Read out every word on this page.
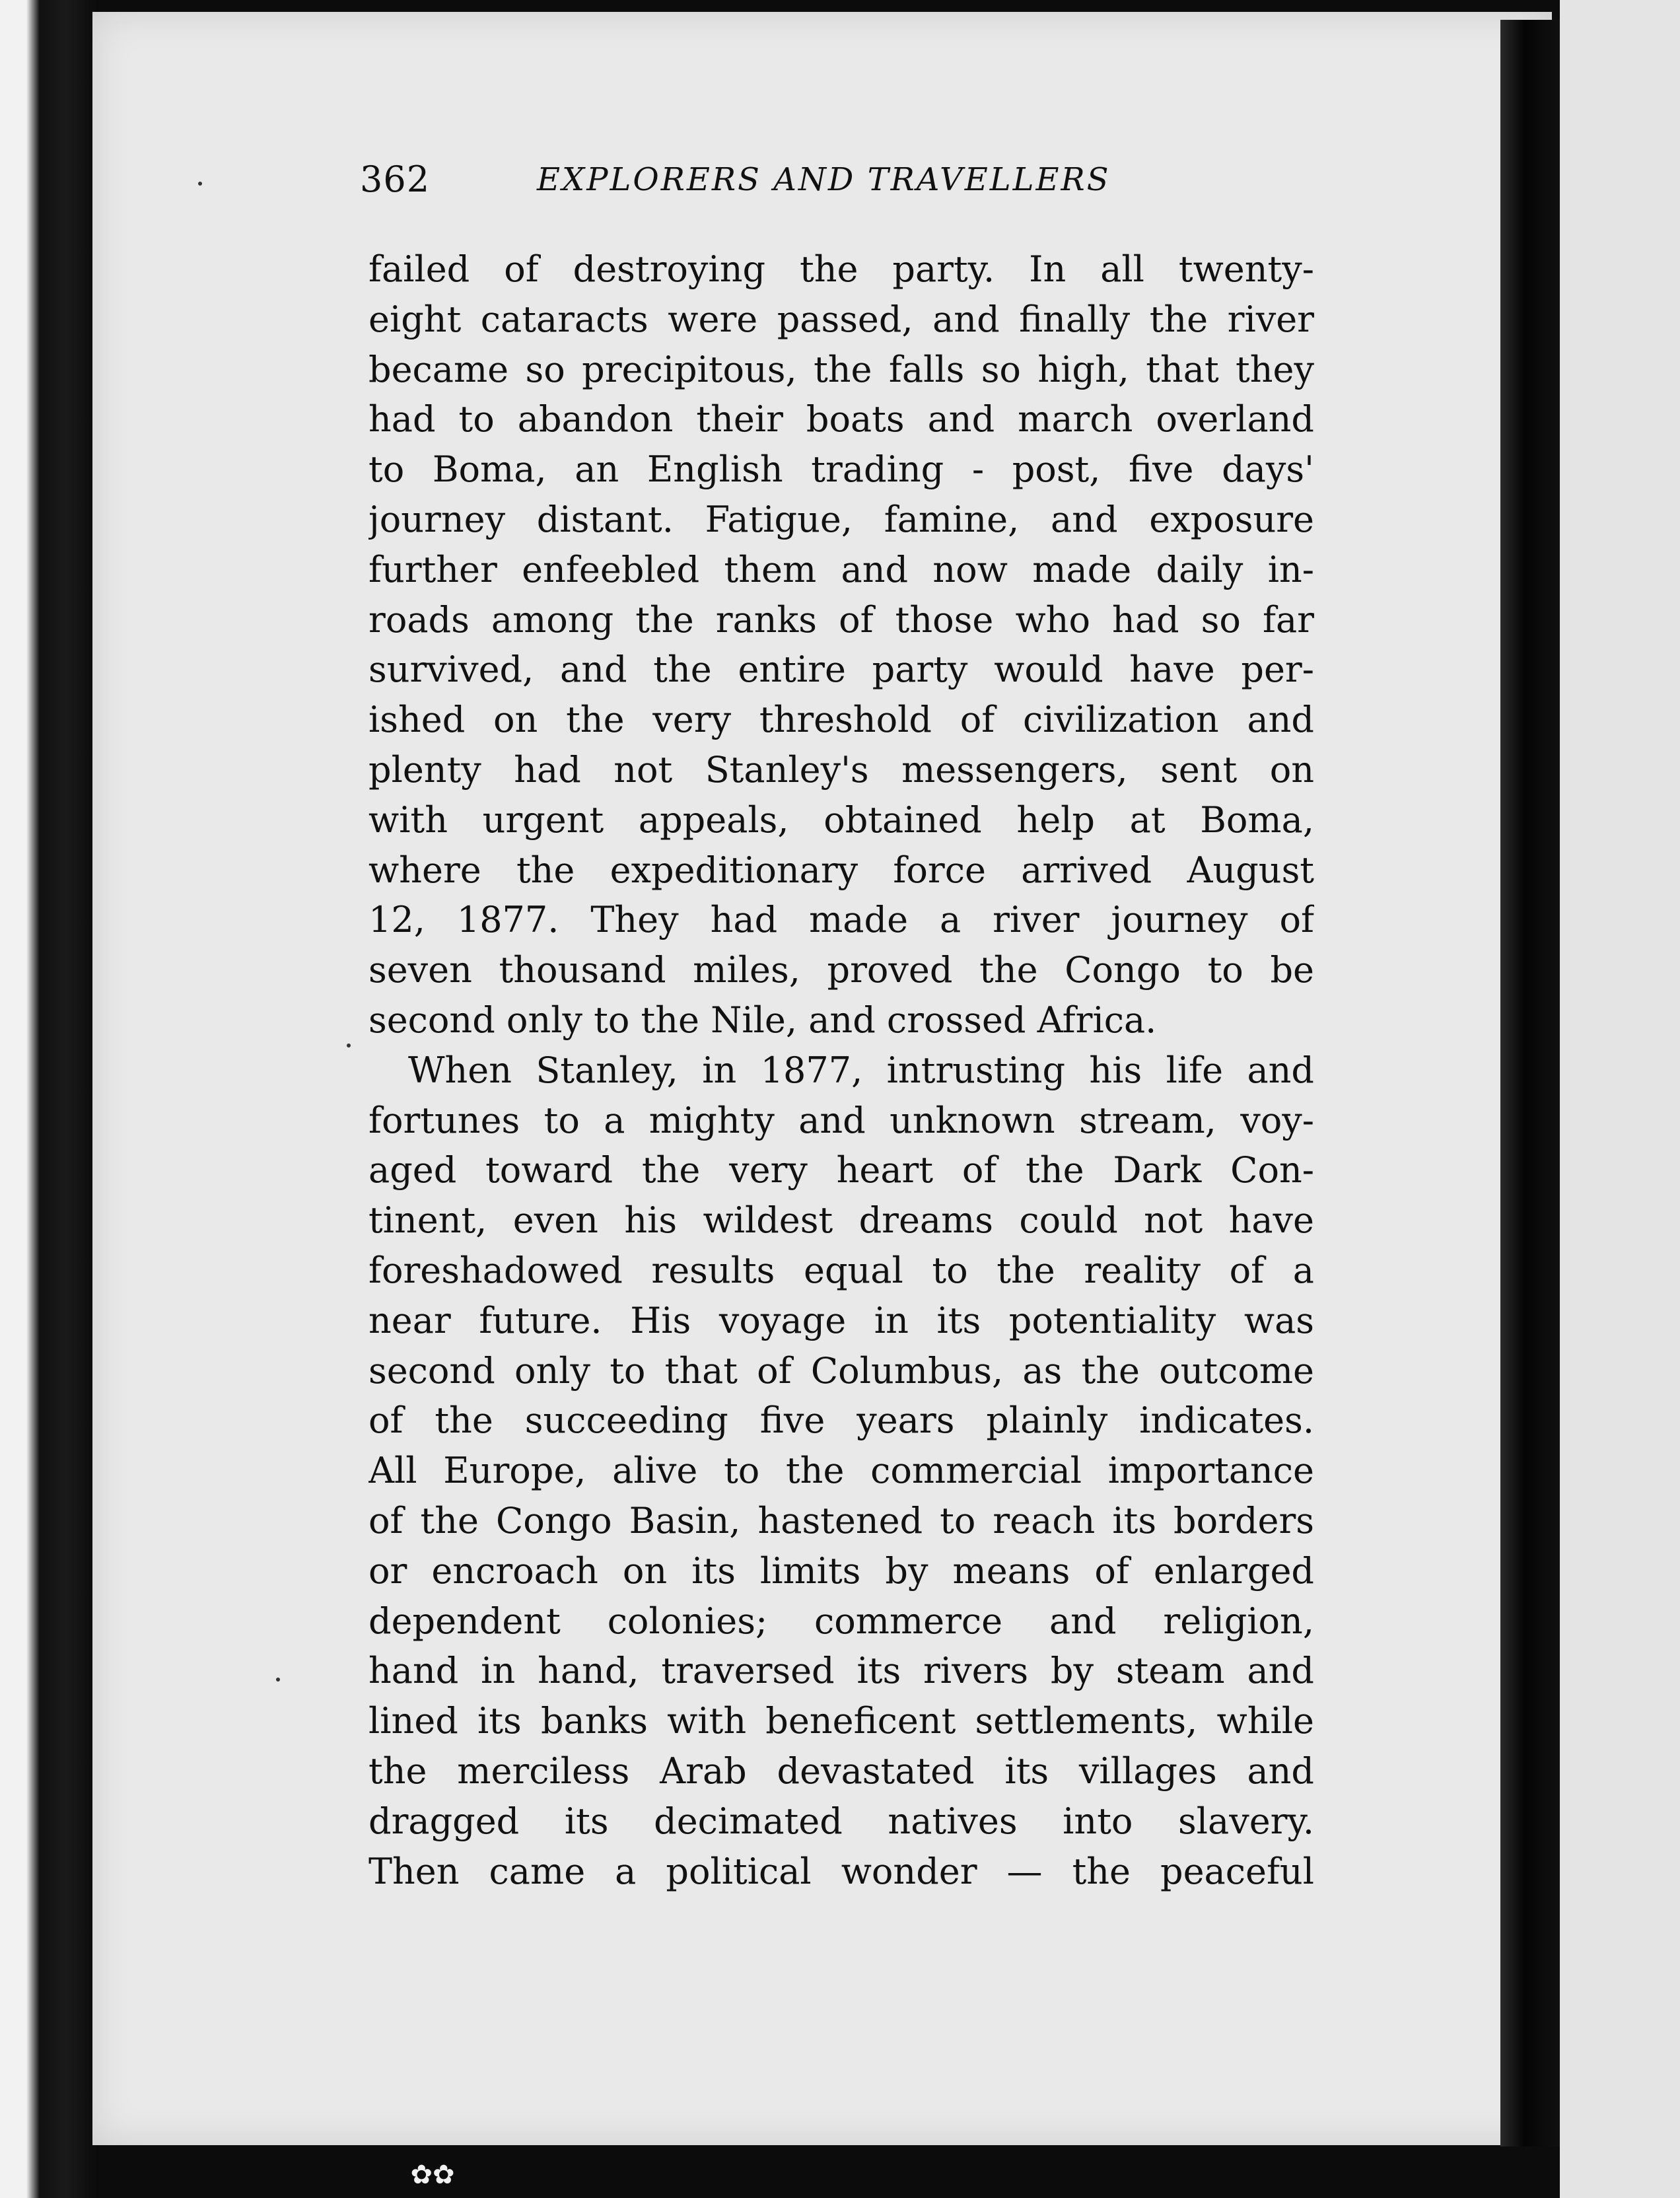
362	EXPLORERS AND TRAVELLERS
failed of destroying the party. In all twenty-
eight cataracts were passed, and finally the river
became so precipitous, the falls so high, that they
had to abandon their boats and march overland
to Boma, an English trading - post, five days'
journey distant. Fatigue, famine, and exposure
further enfeebled them and now made daily in-
roads among the ranks of those who had so far
survived, and the entire party would have per-
ished on the very threshold of civilization and
plenty had not Stanley's messengers, sent on
with urgent appeals, obtained help at Boma,
where the expeditionary force arrived August
12, 1877. They had made a river journey of
seven thousand miles, proved the Congo to be
second only to the Nile, and crossed Africa.
When Stanley, in 1877, intrusting his life and
fortunes to a mighty and unknown stream, voy-
aged toward the very heart of the Dark Con-
tinent, even his wildest dreams could not have
foreshadowed results equal to the reality of a
near future. His voyage in its potentiality was
second only to that of Columbus, as the outcome
of the succeeding five years plainly indicates.
All Europe, alive to the commercial importance
of the Congo Basin, hastened to reach its borders
or encroach on its limits by means of enlarged
dependent colonies; commerce and religion,
hand in hand, traversed its rivers by steam and
lined its banks with beneficent settlements, while
the merciless Arab devastated its villages and
dragged its decimated natives into slavery.
Then came a political wonder — the peaceful
✿✿
